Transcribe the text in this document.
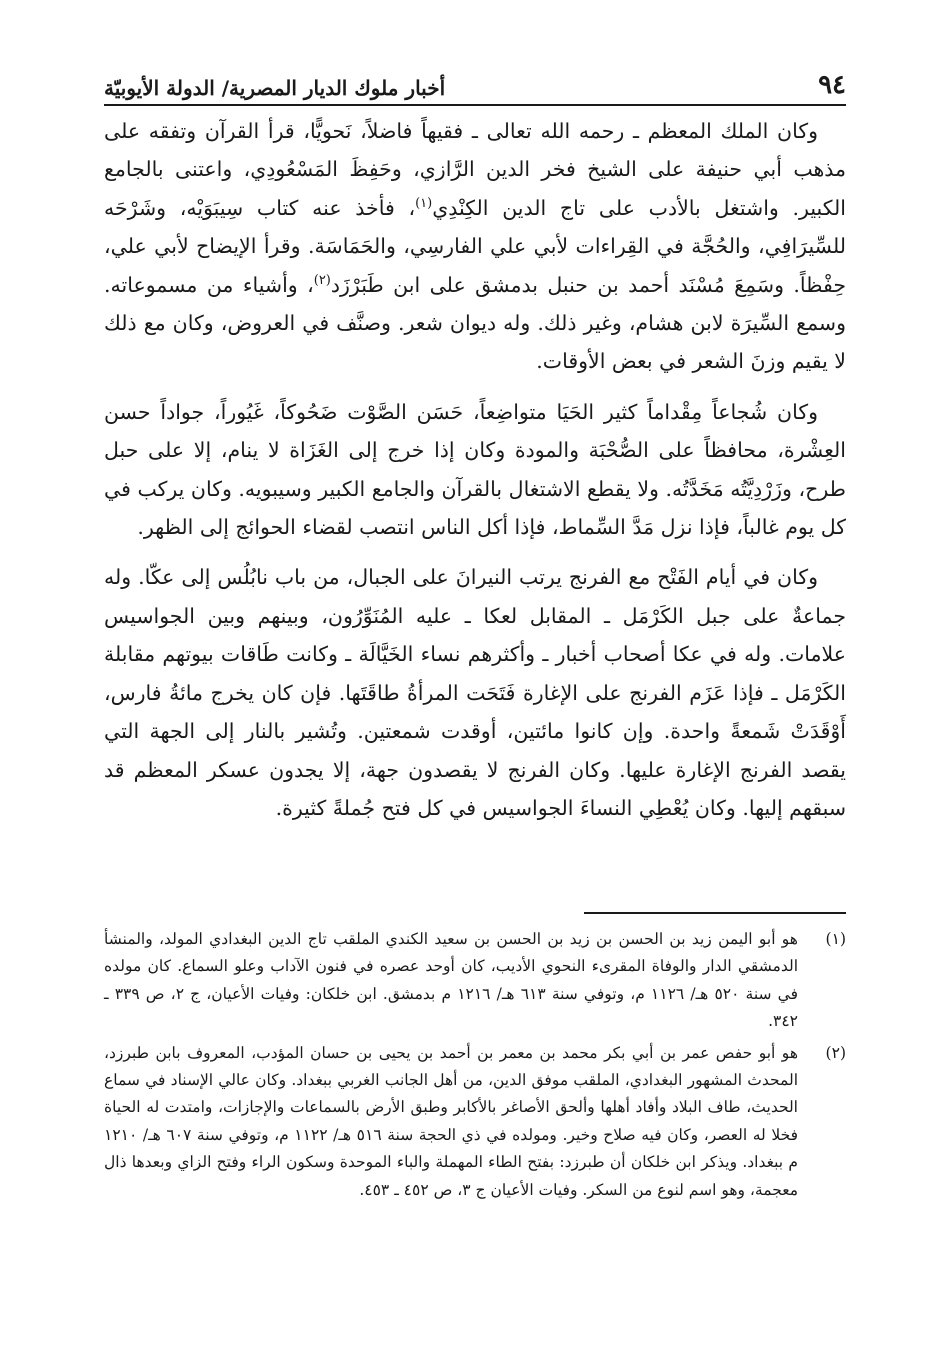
٩٤
أخبار ملوك الديار المصرية/ الدولة الأيوبيّة

وكان الملك المعظم ـ رحمه الله تعالى ـ فقيهاً فاضلاً، نَحويًّا، قرأ القرآن وتفقه على مذهب أبي حنيفة على الشيخ فخر الدين الرَّازي، وحَفِظَ المَسْعُودِي، واعتنى بالجامع الكبير. واشتغل بالأدب على تاج الدين الكِنْدِي$^{(١)}$، فأخذ عنه كتاب سِيبَوَيْه، وشَرْحَه للسِّيرَافِي، والحُجَّة في القِراءات لأبي علي الفارسِي، والحَمَاسَة. وقرأ الإيضاح لأبي علي، حِفْظاً. وسَمِعَ مُسْنَد أحمد بن حنبل بدمشق على ابن طَبَرْزَد$^{(٢)}$، وأشياء من مسموعاته. وسمع السِّيرَة لابن هشام، وغير ذلك. وله ديوان شعر. وصنَّف في العروض، وكان مع ذلك لا يقيم وزنَ الشعر في بعض الأوقات.

وكان شُجاعاً مِقْداماً كثير الحَيَا متواضِعاً، حَسَن الصَّوْت ضَحُوكاً، غَيُوراً، جواداً حسن العِشْرة، محافظاً على الصُّحْبَة والمودة وكان إذا خرج إلى الغَزَاة لا ينام، إلا على حبل طرح، وزَرْدِيَّتُه مَخَدَّتُه. ولا يقطع الاشتغال بالقرآن والجامع الكبير وسيبويه. وكان يركب في كل يوم غالباً، فإذا نزل مَدَّ السِّماط، فإذا أكل الناس انتصب لقضاء الحوائج إلى الظهر.

وكان في أيام الفَتْح مع الفرنج يرتب النيرانَ على الجبال، من باب نابُلُس إلى عكّا. وله جماعةٌ على جبل الكَرْمَل ـ المقابل لعكا ـ عليه المُنَوِّرُون، وبينهم وبين الجواسيس علامات. وله في عكا أصحاب أخبار ـ وأكثرهم نساء الخَيَّالَة ـ وكانت طَاقات بيوتهم مقابلة الكَرْمَل ـ فإذا عَزَم الفرنج على الإغارة فَتَحَت المرأةُ طاقَتَها. فإن كان يخرج مائةُ فارس، أَوْقَدَتْ شَمعةً واحدة. وإن كانوا مائتين، أوقدت شمعتين. وتُشير بالنار إلى الجهة التي يقصد الفرنج الإغارة عليها. وكان الفرنج لا يقصدون جهة، إلا يجدون عسكر المعظم قد سبقهم إليها. وكان يُعْطِي النساءَ الجواسيس في كل فتح جُملةً كثيرة.

(١)
هو أبو اليمن زيد بن الحسن بن زيد بن الحسن بن سعيد الكندي الملقب تاج الدين البغدادي المولد، والمنشأ الدمشقي الدار والوفاة المقرىء النحوي الأديب، كان أوحد عصره في فنون الآداب وعلو السماع. كان مولده في سنة ٥٢٠ هـ/ ١١٢٦ م، وتوفي سنة ٦١٣ هـ/ ١٢١٦ م بدمشق. ابن خلكان: وفيات الأعيان، ج ٢، ص ٣٣٩ ـ ٣٤٢.
(٢)
هو أبو حفص عمر بن أبي بكر محمد بن معمر بن أحمد بن يحيى بن حسان المؤدب، المعروف بابن طبرزد، المحدث المشهور البغدادي، الملقب موفق الدين، من أهل الجانب الغربي ببغداد. وكان عالي الإسناد في سماع الحديث، طاف البلاد وأفاد أهلها وألحق الأصاغر بالأكابر وطبق الأرض بالسماعات والإجازات، وامتدت له الحياة فخلا له العصر، وكان فيه صلاح وخير. ومولده في ذي الحجة سنة ٥١٦ هـ/ ١١٢٢ م، وتوفي سنة ٦٠٧ هـ/ ١٢١٠ م ببغداد. ويذكر ابن خلكان أن طبرزد: بفتح الطاء المهملة والباء الموحدة وسكون الراء وفتح الزاي وبعدها ذال معجمة، وهو اسم لنوع من السكر. وفيات الأعيان ج ٣، ص ٤٥٢ ـ ٤٥٣.
